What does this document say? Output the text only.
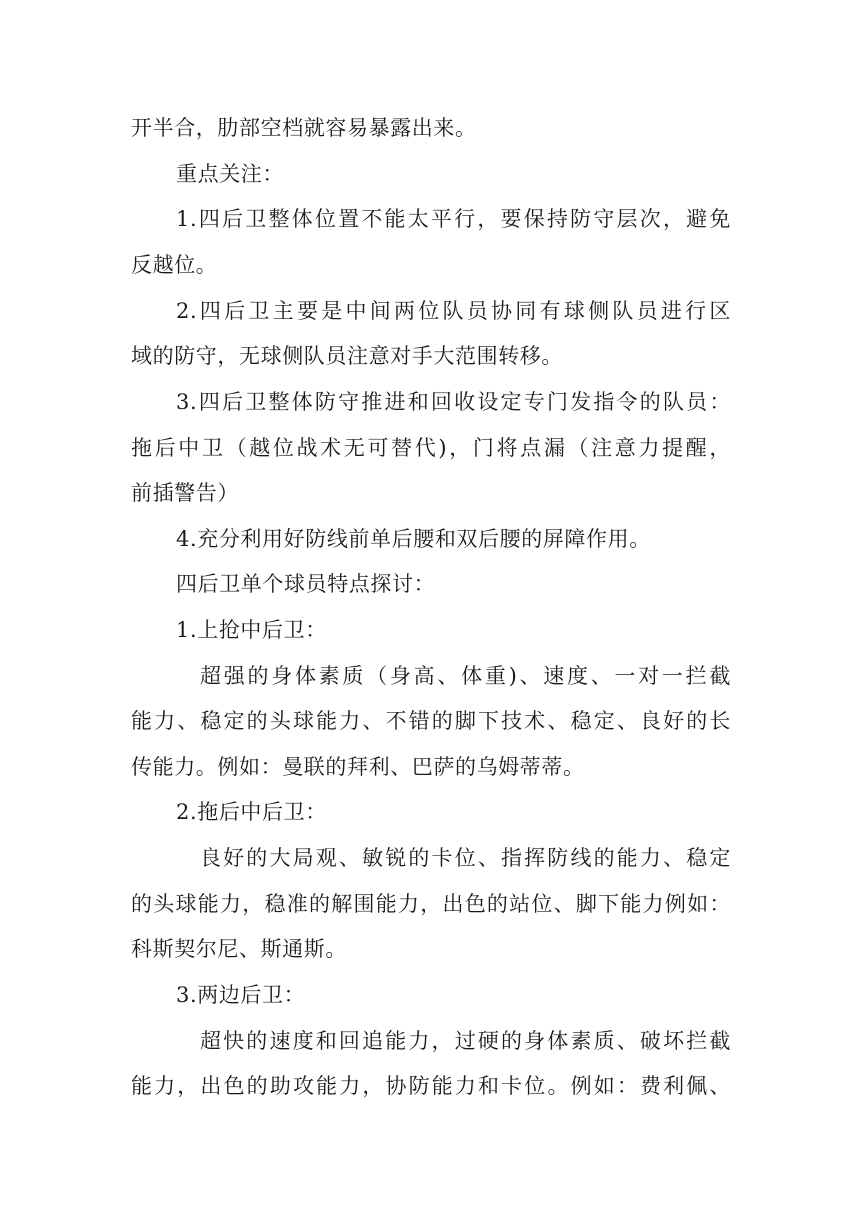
开半合，肋部空档就容易暴露出来。
重点关注：
1.四后卫整体位置不能太平行，要保持防守层次，避免
反越位。
2.四后卫主要是中间两位队员协同有球侧队员进行区
域的防守，无球侧队员注意对手大范围转移。
3.四后卫整体防守推进和回收设定专门发指令的队员：
拖后中卫（越位战术无可替代)，门将点漏（注意力提醒，
前插警告）
4.充分利用好防线前单后腰和双后腰的屏障作用。
四后卫单个球员特点探讨：
1.上抢中后卫：
超强的身体素质（身高、体重)、速度、一对一拦截
能力、稳定的头球能力、不错的脚下技术、稳定、良好的长
传能力。例如：曼联的拜利、巴萨的乌姆蒂蒂。
2.拖后中后卫：
良好的大局观、敏锐的卡位、指挥防线的能力、稳定
的头球能力，稳准的解围能力，出色的站位、脚下能力例如：
科斯契尔尼、斯通斯。
3.两边后卫：
超快的速度和回追能力，过硬的身体素质、破坏拦截
能力，出色的助攻能力，协防能力和卡位。例如：费利佩、
